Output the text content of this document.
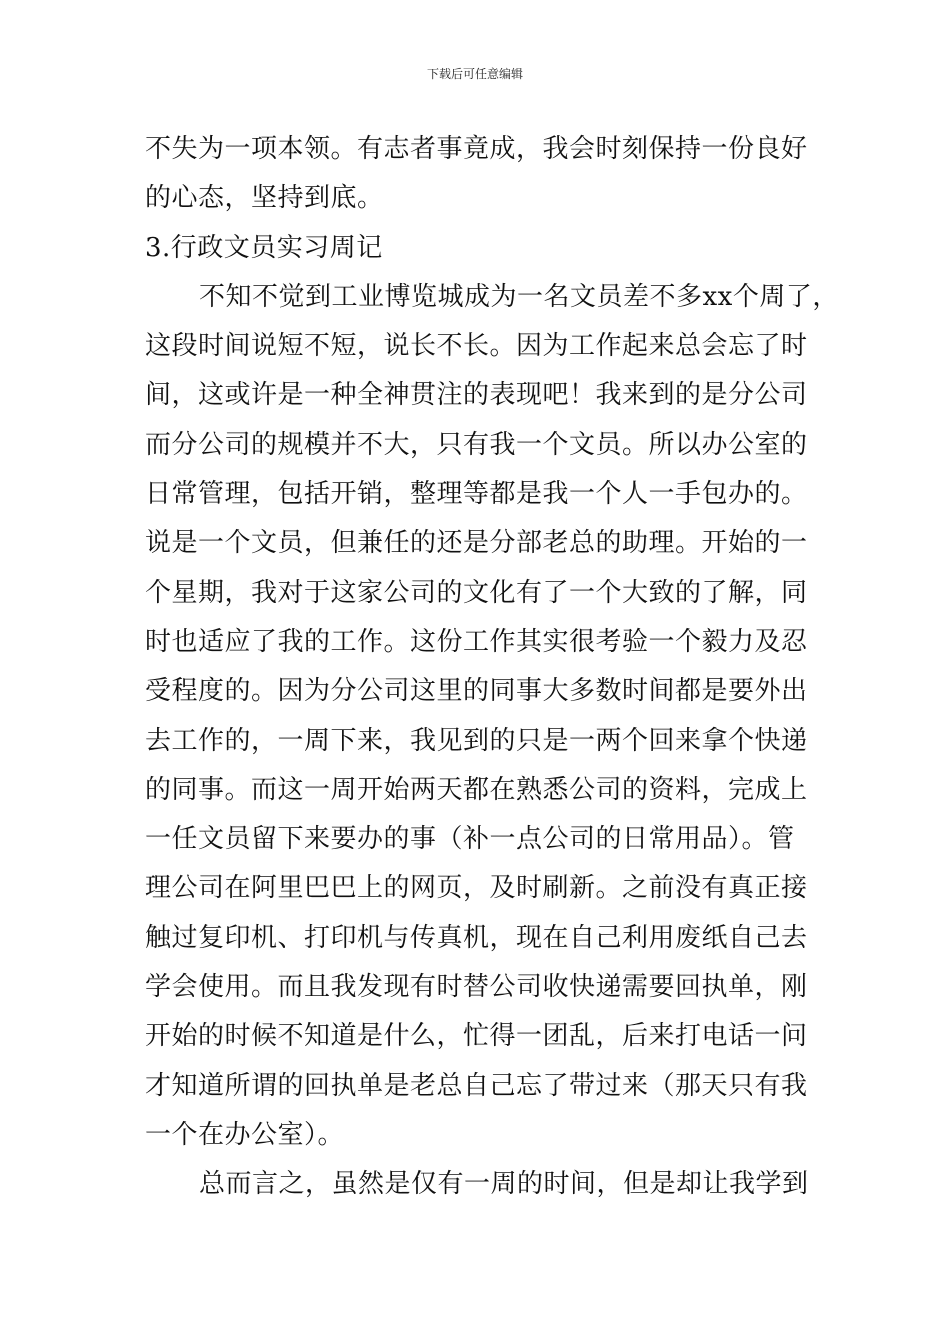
下载后可任意编辑
不失为一项本领。有志者事竟成，我会时刻保持一份良好
的心态，坚持到底。
3.行政文员实习周记
不知不觉到工业博览城成为一名文员差不多xx个周了，
这段时间说短不短，说长不长。因为工作起来总会忘了时
间，这或许是一种全神贯注的表现吧！我来到的是分公司
而分公司的规模并不大，只有我一个文员。所以办公室的
日常管理，包括开销，整理等都是我一个人一手包办的。
说是一个文员，但兼任的还是分部老总的助理。开始的一
个星期，我对于这家公司的文化有了一个大致的了解，同
时也适应了我的工作。这份工作其实很考验一个毅力及忍
受程度的。因为分公司这里的同事大多数时间都是要外出
去工作的，一周下来，我见到的只是一两个回来拿个快递
的同事。而这一周开始两天都在熟悉公司的资料，完成上
一任文员留下来要办的事（补一点公司的日常用品）。管
理公司在阿里巴巴上的网页，及时刷新。之前没有真正接
触过复印机、打印机与传真机，现在自己利用废纸自己去
学会使用。而且我发现有时替公司收快递需要回执单，刚
开始的时候不知道是什么，忙得一团乱，后来打电话一问
才知道所谓的回执单是老总自己忘了带过来（那天只有我
一个在办公室）。
总而言之，虽然是仅有一周的时间，但是却让我学到
